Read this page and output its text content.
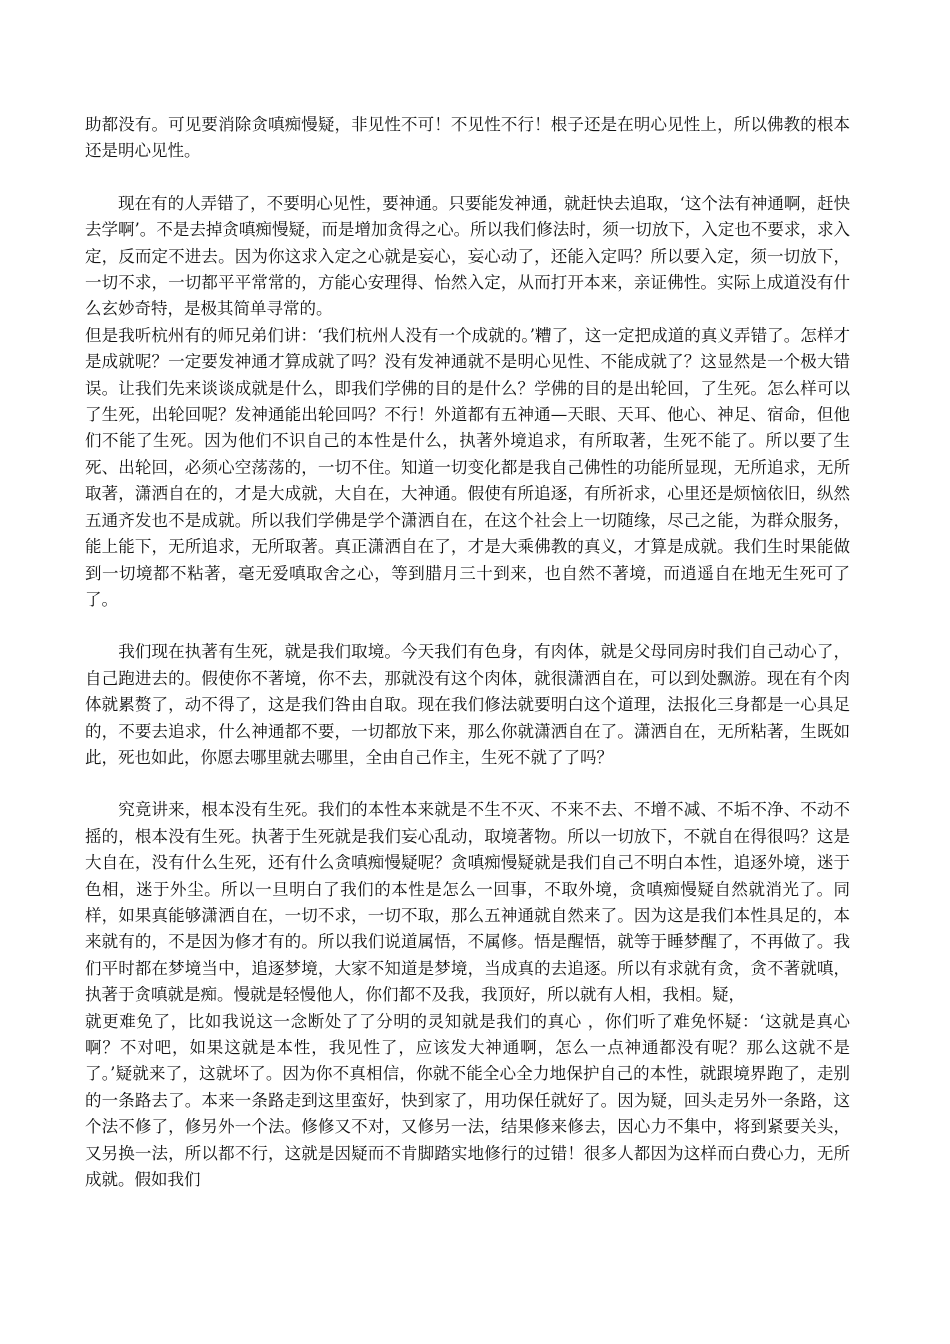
助都没有。可见要消除贪嗔痴慢疑，非见性不可！不见性不行！根子还是在明心见性上，所以佛教的根本还是明心见性。

　　现在有的人弄错了，不要明心见性，要神通。只要能发神通，就赶快去追取，‘这个法有神通啊，赶快去学啊’。不是去掉贪嗔痴慢疑，而是增加贪得之心。所以我们修法时，须一切放下，入定也不要求，求入定，反而定不进去。因为你这求入定之心就是妄心，妄心动了，还能入定吗？所以要入定，须一切放下，一切不求，一切都平平常常的，方能心安理得、怡然入定，从而打开本来，亲证佛性。实际上成道没有什么玄妙奇特，是极其简单寻常的。
但是我听杭州有的师兄弟们讲：‘我们杭州人没有一个成就的。’糟了，这一定把成道的真义弄错了。怎样才是成就呢？一定要发神通才算成就了吗？没有发神通就不是明心见性、不能成就了？这显然是一个极大错误。让我们先来谈谈成就是什么，即我们学佛的目的是什么？学佛的目的是出轮回，了生死。怎么样可以了生死，出轮回呢？发神通能出轮回吗？不行！外道都有五神通—天眼、天耳、他心、神足、宿命，但他们不能了生死。因为他们不识自己的本性是什么，执著外境追求，有所取著，生死不能了。所以要了生死、出轮回，必须心空荡荡的，一切不住。知道一切变化都是我自己佛性的功能所显现，无所追求，无所取著，潇洒自在的，才是大成就，大自在，大神通。假使有所追逐，有所祈求，心里还是烦恼依旧，纵然五通齐发也不是成就。所以我们学佛是学个潇洒自在，在这个社会上一切随缘，尽己之能，为群众服务，能上能下，无所追求，无所取著。真正潇洒自在了，才是大乘佛教的真义，才算是成就。我们生时果能做到一切境都不粘著，毫无爱嗔取舍之心，等到腊月三十到来，也自然不著境，而逍遥自在地无生死可了了。

　　我们现在执著有生死，就是我们取境。今天我们有色身，有肉体，就是父母同房时我们自己动心了，自己跑进去的。假使你不著境，你不去，那就没有这个肉体，就很潇洒自在，可以到处飘游。现在有个肉体就累赘了，动不得了，这是我们咎由自取。现在我们修法就要明白这个道理，法报化三身都是一心具足的，不要去追求，什么神通都不要，一切都放下来，那么你就潇洒自在了。潇洒自在，无所粘著，生既如此，死也如此，你愿去哪里就去哪里，全由自己作主，生死不就了了吗？

　　究竟讲来，根本没有生死。我们的本性本来就是不生不灭、不来不去、不增不减、不垢不净、不动不摇的，根本没有生死。执著于生死就是我们妄心乱动，取境著物。所以一切放下，不就自在得很吗？这是大自在，没有什么生死，还有什么贪嗔痴慢疑呢？贪嗔痴慢疑就是我们自己不明白本性，追逐外境，迷于色相，迷于外尘。所以一旦明白了我们的本性是怎么一回事，不取外境，贪嗔痴慢疑自然就消光了。同样，如果真能够潇洒自在，一切不求，一切不取，那么五神通就自然来了。因为这是我们本性具足的，本来就有的，不是因为修才有的。所以我们说道属悟，不属修。悟是醒悟，就等于睡梦醒了，不再做了。我们平时都在梦境当中，追逐梦境，大家不知道是梦境，当成真的去追逐。所以有求就有贪，贪不著就嗔，执著于贪嗔就是痴。慢就是轻慢他人，你们都不及我，我顶好，所以就有人相，我相。疑，
就更难免了，比如我说这一念断处了了分明的灵知就是我们的真心 ，你们听了难免怀疑：‘这就是真心啊？不对吧，如果这就是本性，我见性了，应该发大神通啊，怎么一点神通都没有呢？那么这就不是了。’疑就来了，这就坏了。因为你不真相信，你就不能全心全力地保护自己的本性，就跟境界跑了，走别的一条路去了。本来一条路走到这里蛮好，快到家了，用功保任就好了。因为疑，回头走另外一条路，这个法不修了，修另外一个法。修修又不对，又修另一法，结果修来修去，因心力不集中，将到紧要关头，又另换一法，所以都不行，这就是因疑而不肯脚踏实地修行的过错！很多人都因为这样而白费心力，无所成就。假如我们
